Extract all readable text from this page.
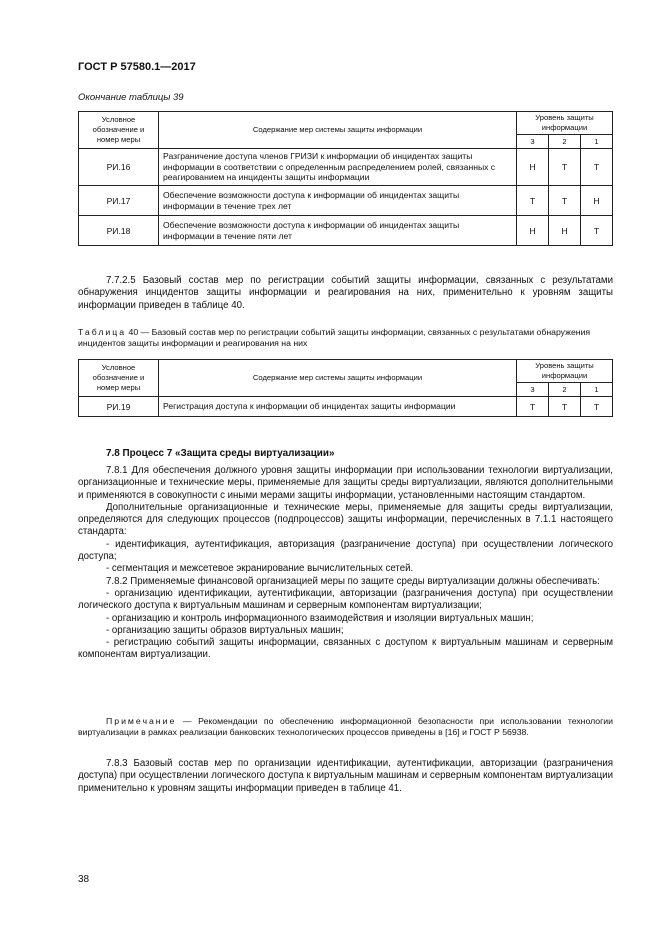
ГОСТ Р 57580.1—2017
Окончание таблицы 39
Условное обозначение и номер меры	Содержание мер системы защиты информации	Уровень защиты информации		
		3	2	1
РИ.16	Разграничение доступа членов ГРИЗИ к информации об инцидентах защиты информации в соответствии с определенным распределением ролей, связанных с реагированием на инциденты защиты информации	Н	Т	Т
РИ.17	Обеспечение возможности доступа к информации об инцидентах защиты информации в течение трех лет	Т	Т	Н
РИ.18	Обеспечение возможности доступа к информации об инцидентах защиты информации в течение пяти лет	Н	Н	Т

7.7.2.5 Базовый состав мер по регистрации событий защиты информации, связанных с результатами обнаружения инцидентов защиты информации и реагирования на них, применительно к уровням защиты информации приведен в таблице 40.

Таблица 40 — Базовый состав мер по регистрации событий защиты информации, связанных с результатами обнаружения инцидентов защиты информации и реагирования на них
Условное обозначение и номер меры	Содержание мер системы защиты информации	Уровень защиты информации		
		3	2	1
РИ.19	Регистрация доступа к информации об инцидентах защиты информации	Т	Т	Т
7.8 Процесс 7 «Защита среды виртуализации»

7.8.1 Для обеспечения должного уровня защиты информации при использовании технологии виртуализации, организационные и технические меры, применяемые для защиты среды виртуализации, являются дополнительными и применяются в совокупности с иными мерами защиты информации, установленными настоящим стандартом.

Дополнительные организационные и технические меры, применяемые для защиты среды виртуализации, определяются для следующих процессов (подпроцессов) защиты информации, перечисленных в 7.1.1 настоящего стандарта:

- идентификация, аутентификация, авторизация (разграничение доступа) при осуществлении логического доступа;

- сегментация и межсетевое экранирование вычислительных сетей.

7.8.2 Применяемые финансовой организацией меры по защите среды виртуализации должны обеспечивать:

- организацию идентификации, аутентификации, авторизации (разграничения доступа) при осуществлении логического доступа к виртуальным машинам и серверным компонентам виртуализации;

- организацию и контроль информационного взаимодействия и изоляции виртуальных машин;

- организацию защиты образов виртуальных машин;

- регистрацию событий защиты информации, связанных с доступом к виртуальным машинам и серверным компонентам виртуализации.

Примечание — Рекомендации по обеспечению информационной безопасности при использовании технологии виртуализации в рамках реализации банковских технологических процессов приведены в [16] и ГОСТ Р 56938.

7.8.3 Базовый состав мер по организации идентификации, аутентификации, авторизации (разграничения доступа) при осуществлении логического доступа к виртуальным машинам и серверным компонентам виртуализации применительно к уровням защиты информации приведен в таблице 41.

38
